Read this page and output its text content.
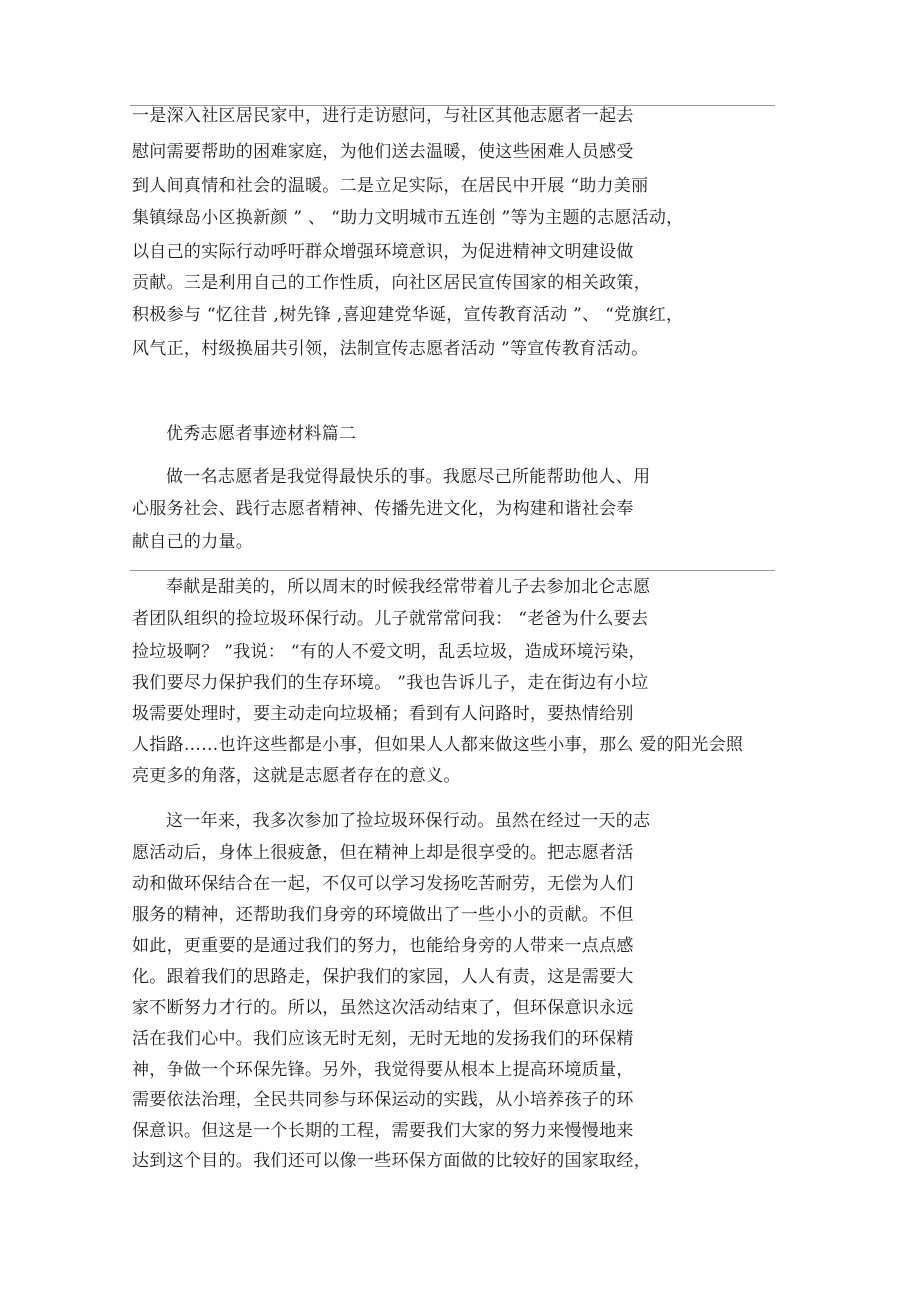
一是深入社区居民家中，进行走访慰问，与社区其他志愿者一起去
慰问需要帮助的困难家庭，为他们送去温暖，使这些困难人员感受
到人间真情和社会的温暖。二是立足实际，在居民中开展 “助力美丽
集镇绿岛小区换新颜 ” 、 “助力文明城市五连创 ”等为主题的志愿活动，
以自己的实际行动呼吁群众增强环境意识，为促进精神文明建设做
贡献。三是利用自己的工作性质，向社区居民宣传国家的相关政策，
积极参与 “忆往昔 ,树先锋 ,喜迎建党华诞，宣传教育活动 ”、 “党旗红，
风气正，村级换届共引领，法制宣传志愿者活动 ”等宣传教育活动。
优秀志愿者事迹材料篇二
做一名志愿者是我觉得最快乐的事。我愿尽己所能帮助他人、用
心服务社会、践行志愿者精神、传播先进文化，为构建和谐社会奉
献自己的力量。
奉献是甜美的，所以周末的时候我经常带着儿子去参加北仑志愿
者团队组织的捡垃圾环保行动。儿子就常常问我： “老爸为什么要去
捡垃圾啊？ ”我说： “有的人不爱文明，乱丢垃圾，造成环境污染，
我们要尽力保护我们的生存环境。 ”我也告诉儿子，走在街边有小垃
圾需要处理时，要主动走向垃圾桶；看到有人问路时，要热情给别
人指路……也许这些都是小事，但如果人人都来做这些小事，那么 爱的阳光会照
亮更多的角落，这就是志愿者存在的意义。
这一年来，我多次参加了捡垃圾环保行动。虽然在经过一天的志
愿活动后，身体上很疲惫，但在精神上却是很享受的。把志愿者活
动和做环保结合在一起，不仅可以学习发扬吃苦耐劳，无偿为人们
服务的精神，还帮助我们身旁的环境做出了一些小小的贡献。不但
如此，更重要的是通过我们的努力，也能给身旁的人带来一点点感
化。跟着我们的思路走，保护我们的家园，人人有责，这是需要大
家不断努力才行的。所以，虽然这次活动结束了，但环保意识永远
活在我们心中。我们应该无时无刻，无时无地的发扬我们的环保精
神，争做一个环保先锋。另外，我觉得要从根本上提高环境质量，
需要依法治理，全民共同参与环保运动的实践，从小培养孩子的环
保意识。但这是一个长期的工程，需要我们大家的努力来慢慢地来
达到这个目的。我们还可以像一些环保方面做的比较好的国家取经，
